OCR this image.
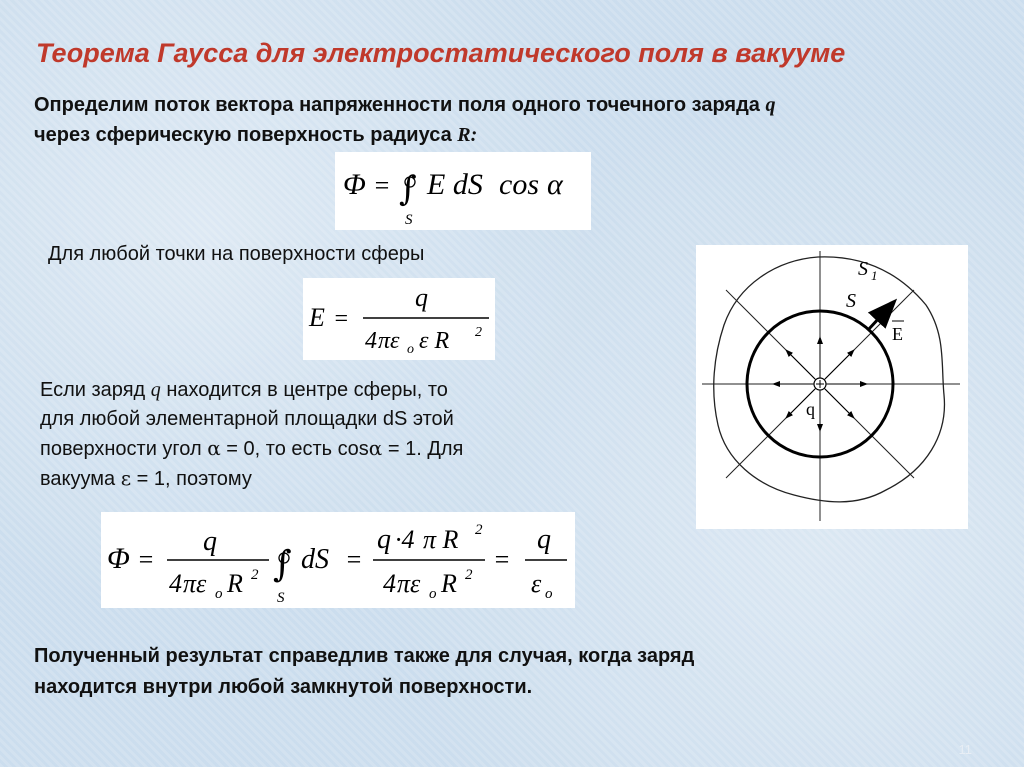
Теорема Гаусса для электростатического поля в вакууме
Определим поток вектора напряженности поля одного точечного заряда q
через сферическую поверхность радиуса R:
Φ = ∫
S
E dS cos α
Для любой точки на поверхности сферы
E =
q
4 πε o ε R 2
Если заряд q находится в центре сферы, то
для любой элементарной площадки dS этой
поверхности угол α = 0, то есть cosα = 1. Для
вакуума ε = 1, поэтому
Φ =
q
4 πε o R 2 ∫
S
dS =
q ·4 π R 2
4 πε o R 2
=
q
ε o
S 1
S
E
q
Полученный результат справедлив также для случая, когда заряд
находится внутри любой замкнутой поверхности.
11
